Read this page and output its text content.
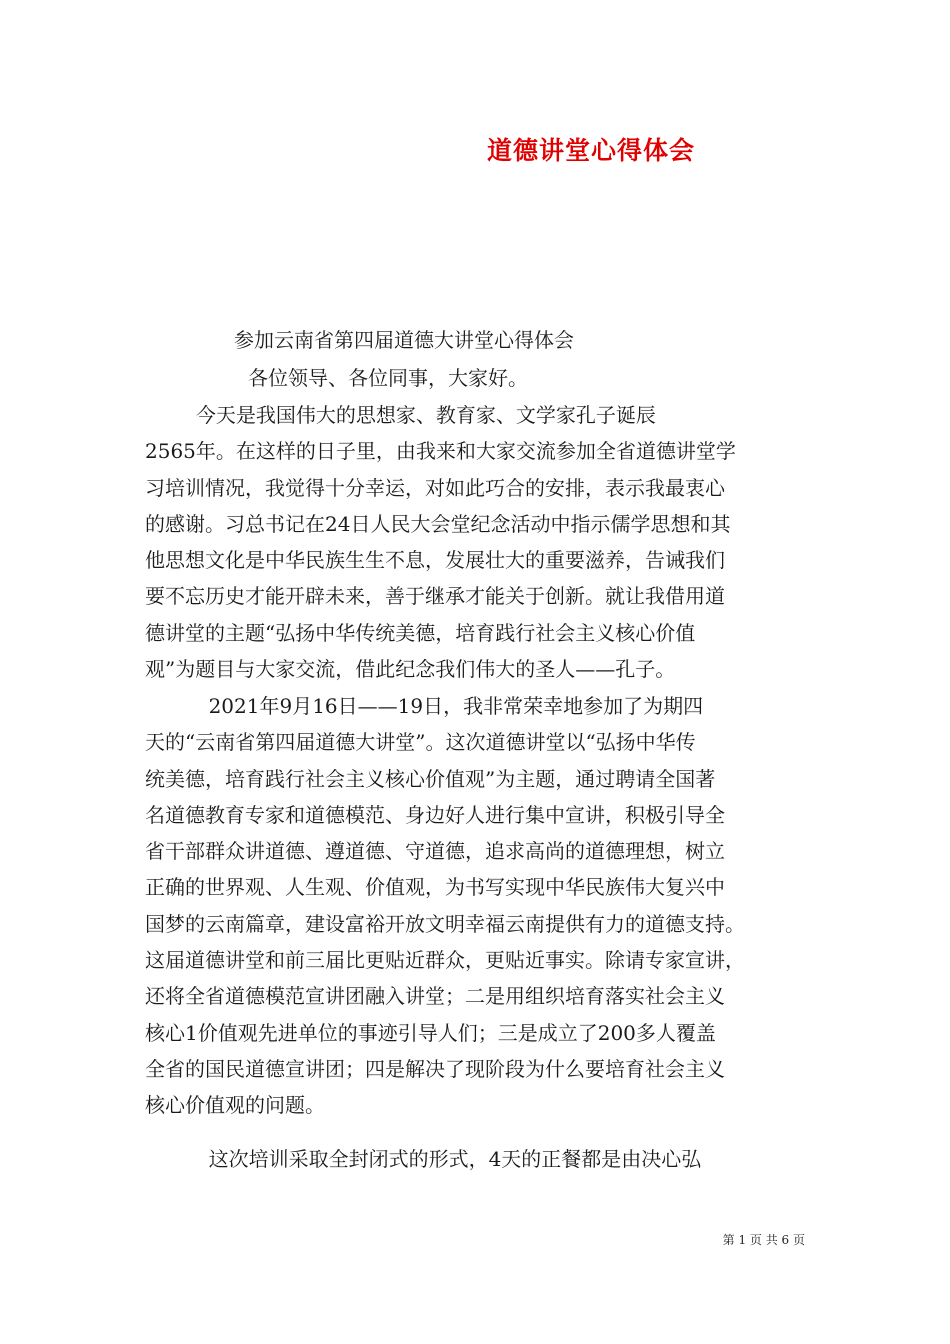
道德讲堂心得体会
参加云南省第四届道德大讲堂心得体会
各位领导、各位同事，大家好。
今天是我国伟大的思想家、教育家、文学家孔子诞辰
2565年。在这样的日子里，由我来和大家交流参加全省道德讲堂学
习培训情况，我觉得十分幸运，对如此巧合的安排，表示我最衷心
的感谢。习总书记在24日人民大会堂纪念活动中指示儒学思想和其
他思想文化是中华民族生生不息，发展壮大的重要滋养，告诫我们
要不忘历史才能开辟未来，善于继承才能关于创新。就让我借用道
德讲堂的主题“弘扬中华传统美德，培育践行社会主义核心价值
观”为题目与大家交流，借此纪念我们伟大的圣人——孔子。
2021年9月16日——19日，我非常荣幸地参加了为期四
天的“云南省第四届道德大讲堂”。这次道德讲堂以“弘扬中华传
统美德，培育践行社会主义核心价值观”为主题，通过聘请全国著
名道德教育专家和道德模范、身边好人进行集中宣讲，积极引导全
省干部群众讲道德、遵道德、守道德，追求高尚的道德理想，树立
正确的世界观、人生观、价值观，为书写实现中华民族伟大复兴中
国梦的云南篇章，建设富裕开放文明幸福云南提供有力的道德支持。
这届道德讲堂和前三届比更贴近群众，更贴近事实。除请专家宣讲，
还将全省道德模范宣讲团融入讲堂；二是用组织培育落实社会主义
核心1价值观先进单位的事迹引导人们；三是成立了200多人覆盖
全省的国民道德宣讲团；四是解决了现阶段为什么要培育社会主义
核心价值观的问题。
这次培训采取全封闭式的形式，4天的正餐都是由决心弘
第 1 页 共 6 页
